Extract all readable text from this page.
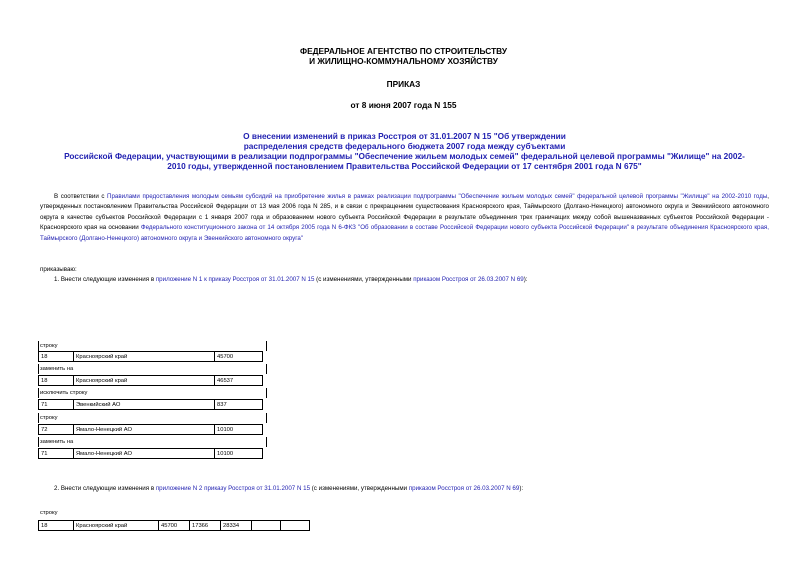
ФЕДЕРАЛЬНОЕ АГЕНТСТВО ПО СТРОИТЕЛЬСТВУ
И ЖИЛИЩНО-КОММУНАЛЬНОМУ ХОЗЯЙСТВУ
ПРИКАЗ
от 8 июня 2007 года N 155
О внесении изменений в приказ Росстроя от 31.01.2007 N 15 "Об утверждении
распределения средств федерального бюджета 2007 года между субъектами
Российской Федерации, участвующими в реализации подпрограммы "Обеспечение жильем молодых семей" федеральной целевой программы "Жилище" на 2002-
2010 годы, утвержденной постановлением Правительства Российской Федерации от 17 сентября 2001 года N 675"
В соответствии с Правилами предоставления молодым семьям субсидий на приобретение жилья в рамках реализации подпрограммы "Обеспечение жильем молодых семей" федеральной целевой программы "Жилище" на 2002-2010 годы, утвержденных постановлением Правительства Российской Федерации от 13 мая 2006 года N 285, и в связи с прекращением существования Красноярского края, Таймырского (Долгано-Ненецкого) автономного округа и Эвенкийского автономного округа в качестве субъектов Российской Федерации с 1 января 2007 года и образованием нового субъекта Российской Федерации в результате объединения трех граничащих между собой вышеназванных субъектов Российской Федерации - Красноярского края на основании Федерального конституционного закона от 14 октября 2005 года N 6-ФКЗ "Об образовании в составе Российской Федерации нового субъекта Российской Федерации" в результате объединения Красноярского края, Таймырского (Долгано-Ненецкого) автономного округа и Эвенкийского автономного округа"
приказываю:
1. Внести следующие изменения в приложение N 1 к приказу Росстроя от 31.01.2007 N 15 (с изменениями, утвержденными приказом Росстроя от 26.03.2007 N 69):
строку
18	Красноярский край	45700
заменить на
18	Красноярский край	46537
исключить строку
71	Эвенкийский АО	837
строку
72	Ямало-Ненецкий АО	10100
заменить на
71	Ямало-Ненецкий АО	10100
2. Внести следующие изменения в приложение N 2 приказу Росстроя от 31.01.2007 N 15 (с изменениями, утвержденными приказом Росстроя от 26.03.2007 N 69):
строку
18	Красноярский край	45700	17366	28334		
